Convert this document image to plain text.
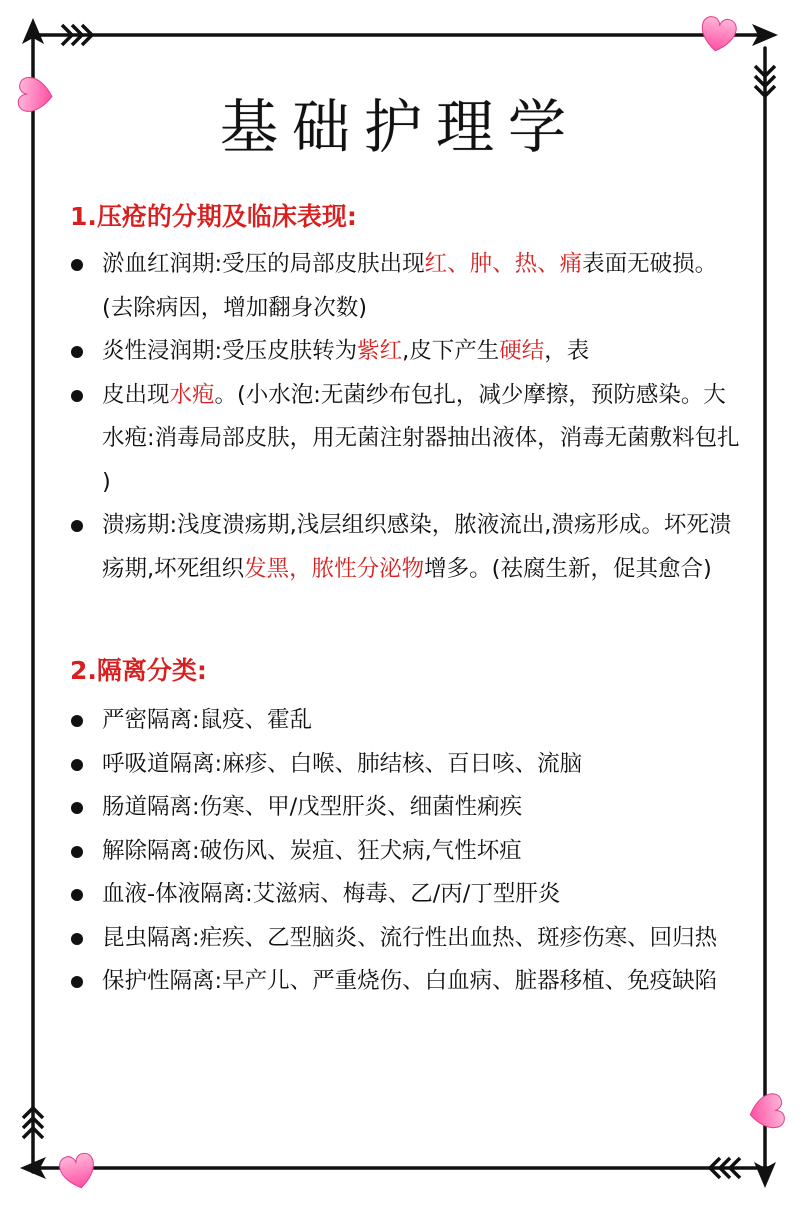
基础护理学
1.压疮的分期及临床表现:
淤血红润期:受压的局部皮肤出现红、肿、热、痛表面无破损。(去除病因，增加翻身次数)
炎性浸润期:受压皮肤转为紫红,皮下产生硬结，表
皮出现水疱。(小水泡:无菌纱布包扎，减少摩擦，预防感染。大水疱:消毒局部皮肤，用无菌注射器抽出液体，消毒无菌敷料包扎 )
溃疡期:浅度溃疡期,浅层组织感染，脓液流出,溃疡形成。坏死溃疡期,坏死组织发黑，脓性分泌物增多。(祛腐生新，促其愈合)
2.隔离分类:
严密隔离:鼠疫、霍乱
呼吸道隔离:麻疹、白喉、肺结核、百日咳、流脑
肠道隔离:伤寒、甲/戊型肝炎、细菌性痢疾
解除隔离:破伤风、炭疽、狂犬病,气性坏疽
血液-体液隔离:艾滋病、梅毒、乙/丙/丁型肝炎
昆虫隔离:疟疾、乙型脑炎、流行性出血热、斑疹伤寒、回归热
保护性隔离:早产儿、严重烧伤、白血病、脏器移植、免疫缺陷
